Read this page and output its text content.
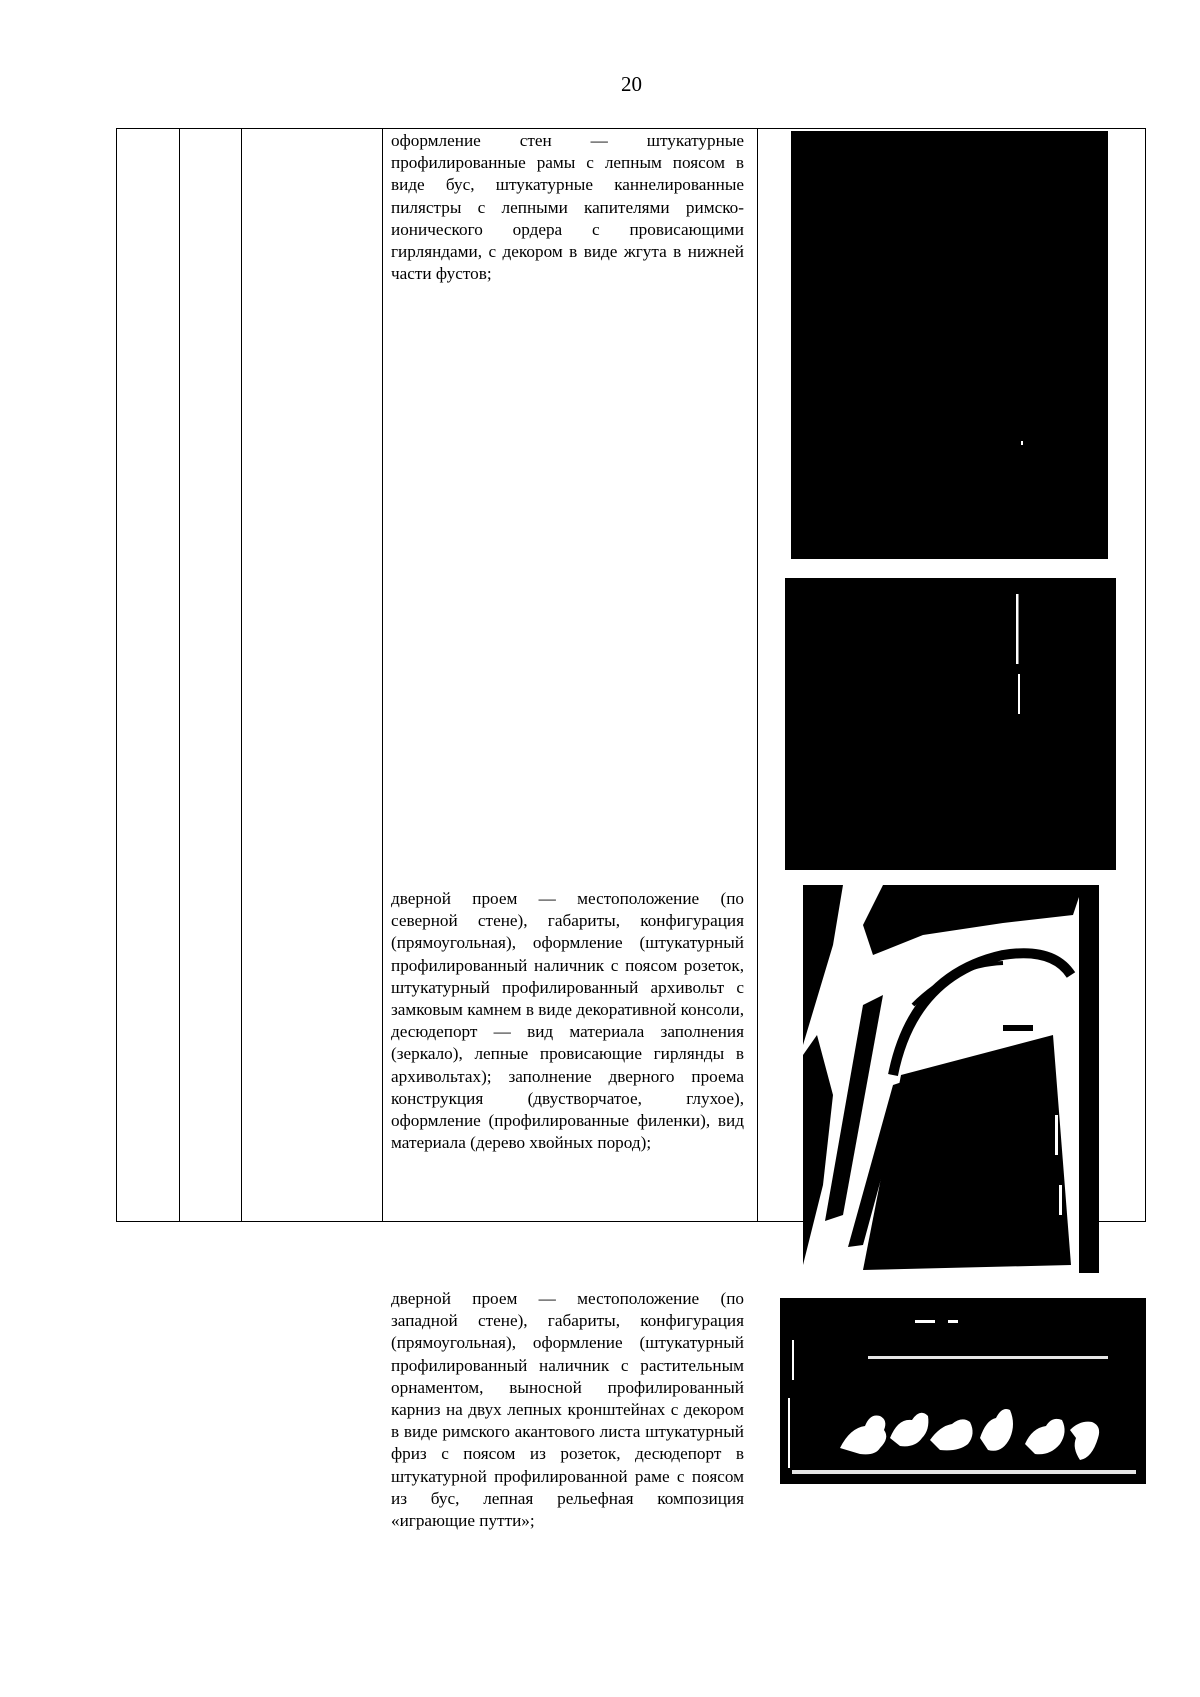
20

оформление стен — штукатурные профилированные рамы с лепным поясом в виде бус, штукатурные каннелированные пилястры с лепными капителями римско-ионического ордера с провисающими гирляндами, с декором в виде жгута в нижней части фустов;

дверной проем — местоположение (по северной стене), габариты, конфигурация (прямоугольная), оформление (штукатурный профилированный наличник с поясом розеток, штукатурный профилированный архивольт с замковым камнем в виде декоративной консоли, десюдепорт — вид материала заполнения (зеркало), лепные провисающие гирлянды в архивольтах); заполнение дверного проема конструкция (двустворчатое, глухое), оформление (профилированные филенки), вид материала (дерево хвойных пород);

дверной проем — местоположение (по западной стене), габариты, конфигурация (прямоугольная), оформление (штукатурный профилированный наличник с растительным орнаментом, выносной профилированный карниз на двух лепных кронштейнах с декором в виде римского акантового листа штукатурный фриз с поясом из розеток, десюдепорт в штукатурной профилированной раме с поясом из бус, лепная рельефная композиция «играющие путти»;
